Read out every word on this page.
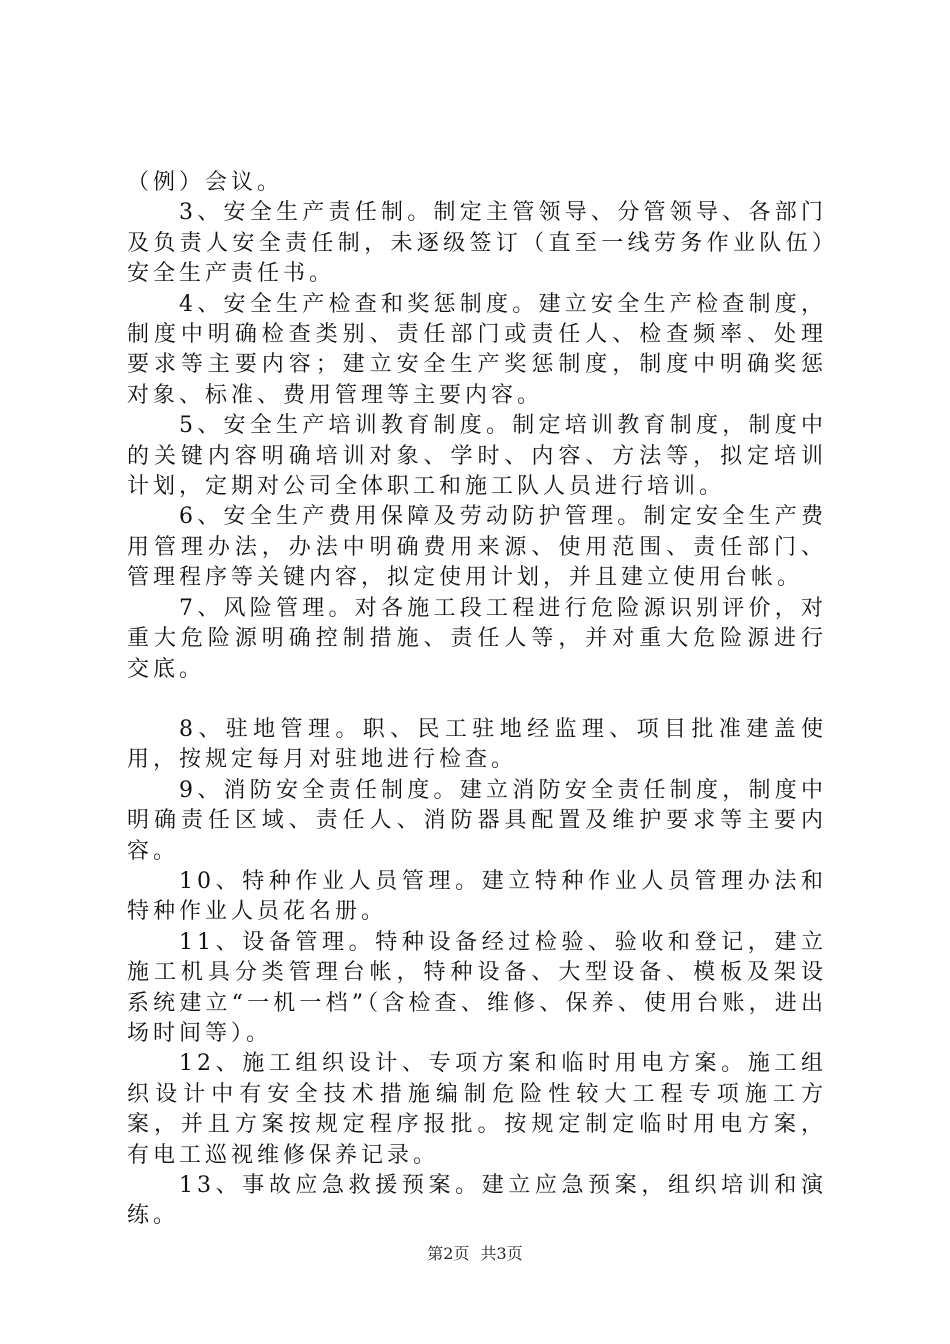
（例）会议。

3、安全生产责任制。制定主管领导、分管领导、各部门及负责人安全责任制，未逐级签订（直至一线劳务作业队伍）安全生产责任书。

4、安全生产检查和奖惩制度。建立安全生产检查制度，制度中明确检查类别、责任部门或责任人、检查频率、处理要求等主要内容；建立安全生产奖惩制度，制度中明确奖惩对象、标准、费用管理等主要内容。

5、安全生产培训教育制度。制定培训教育制度，制度中的关键内容明确培训对象、学时、内容、方法等，拟定培训计划，定期对公司全体职工和施工队人员进行培训。

6、安全生产费用保障及劳动防护管理。制定安全生产费用管理办法，办法中明确费用来源、使用范围、责任部门、管理程序等关键内容，拟定使用计划，并且建立使用台帐。

7、风险管理。对各施工段工程进行危险源识别评价，对重大危险源明确控制措施、责任人等，并对重大危险源进行交底。

8、驻地管理。职、民工驻地经监理、项目批准建盖使用，按规定每月对驻地进行检查。

9、消防安全责任制度。建立消防安全责任制度，制度中明确责任区域、责任人、消防器具配置及维护要求等主要内容。

10、特种作业人员管理。建立特种作业人员管理办法和特种作业人员花名册。

11、设备管理。特种设备经过检验、验收和登记，建立施工机具分类管理台帐，特种设备、大型设备、模板及架设系统建立“一机一档”（含检查、维修、保养、使用台账，进出场时间等）。

12、施工组织设计、专项方案和临时用电方案。施工组织设计中有安全技术措施编制危险性较大工程专项施工方案，并且方案按规定程序报批。按规定制定临时用电方案，有电工巡视维修保养记录。

13、事故应急救援预案。建立应急预案，组织培训和演练。

第2页 共3页
